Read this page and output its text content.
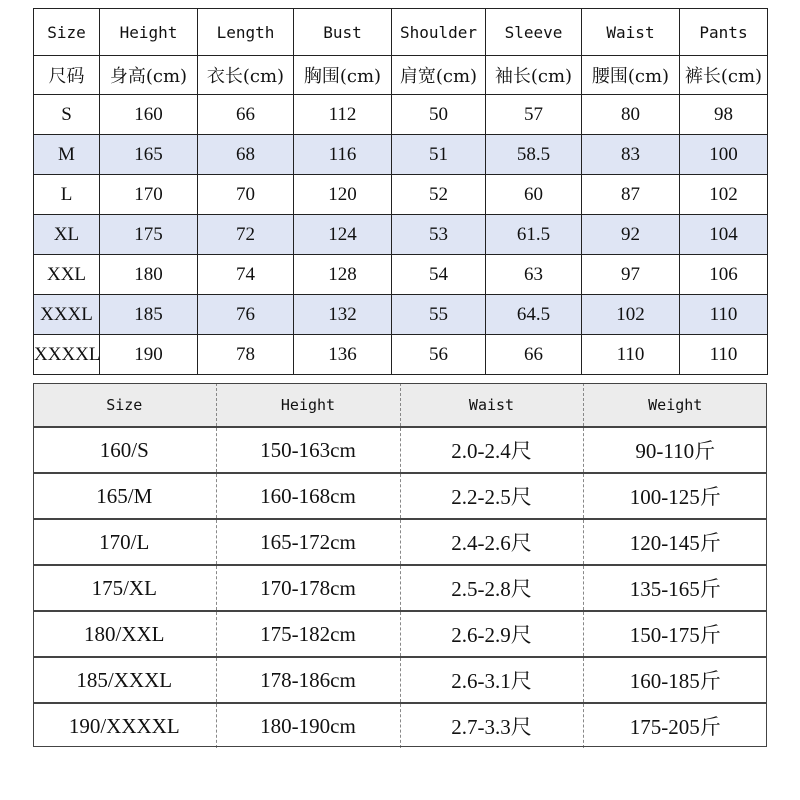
Size	Height	Length	Bust	Shoulder	Sleeve	Waist	Pants
尺码	身高(cm)	衣长(cm)	胸围(cm)	肩宽(cm)	袖长(cm)	腰围(cm)	裤长(cm)
S	160	66	112	50	57	80	98
M	165	68	116	51	58.5	83	100
L	170	70	120	52	60	87	102
XL	175	72	124	53	61.5	92	104
XXL	180	74	128	54	63	97	106
XXXL	185	76	132	55	64.5	102	110
XXXXL	190	78	136	56	66	110	110
Size	Height	Waist	Weight
160/S	150-163cm	2.0-2.4尺	90-110斤
165/M	160-168cm	2.2-2.5尺	100-125斤
170/L	165-172cm	2.4-2.6尺	120-145斤
175/XL	170-178cm	2.5-2.8尺	135-165斤
180/XXL	175-182cm	2.6-2.9尺	150-175斤
185/XXXL	178-186cm	2.6-3.1尺	160-185斤
190/XXXXL	180-190cm	2.7-3.3尺	175-205斤
